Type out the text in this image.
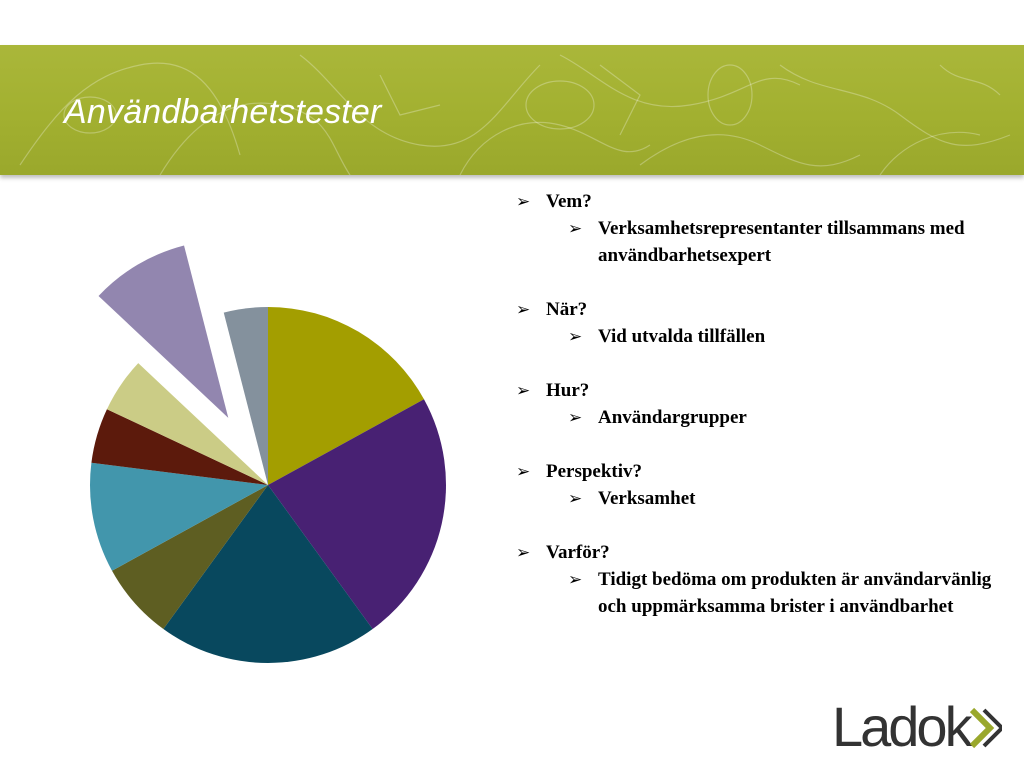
Användbarhetstester
➢ Vem?
➢ Verksamhetsrepresentanter tillsammans med användbarhetsexpert
➢ När?
➢ Vid utvalda tillfällen
➢ Hur?
➢ Användargrupper
➢ Perspektiv?
➢ Verksamhet
➢ Varför?
➢ Tidigt bedöma om produkten är användarvänlig och uppmärksamma brister i användbarhet
Ladok
